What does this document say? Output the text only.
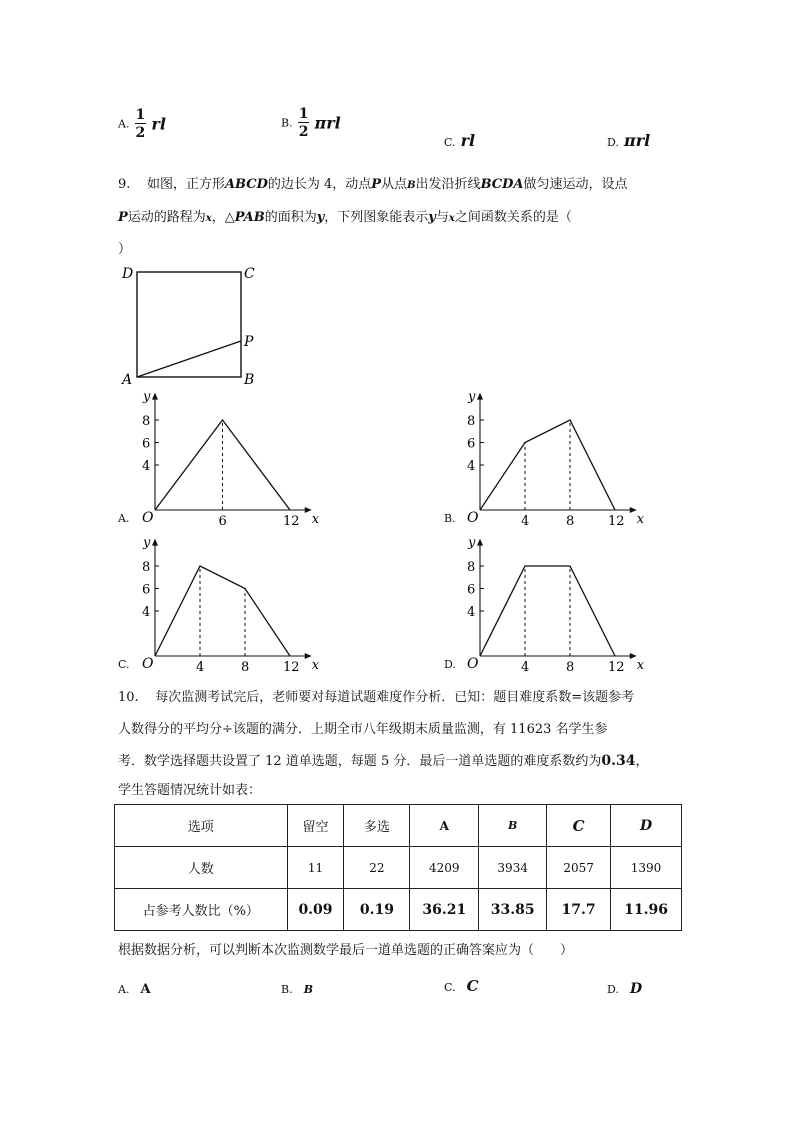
A. $\frac{1}{2}$ rl	B. $\frac{1}{2}$ πrl
C. rl	D. πrl
9. 如图，正方形ABCD的边长为 4，动点P从点B出发沿折线BCDA做匀速运动，设点
P运动的路程为x，△PAB的面积为y，下列图象能表示y与x之间函数关系的是（
）
D	C
P
A	B
8
6
4
6	12
O
y
x
A.
8
6
4
4	8	12
O
y
x
B.
8
6
4
4	8	12
O
y
x
C.
8
6
4
4	8	12
O
y
x
D.
10. 每次监测考试完后，老师要对每道试题难度作分析．已知：题目难度系数=该题参考
人数得分的平均分÷该题的满分．上期全市八年级期末质量监测，有 11623 名学生参
考．数学选择题共设置了 12 道单选题，每题 5 分．最后一道单选题的难度系数约为0.34，
学生答题情况统计如表：
选项	留空	多选	A	B	C	D
人数	11	22	4209	3934	2057	1390
占参考人数比（%）	0.09	0.19	36.21	33.85	17.7	11.96
根据数据分析，可以判断本次监测数学最后一道单选题的正确答案应为（　　）
A. A	B. B	C. C	D. D
